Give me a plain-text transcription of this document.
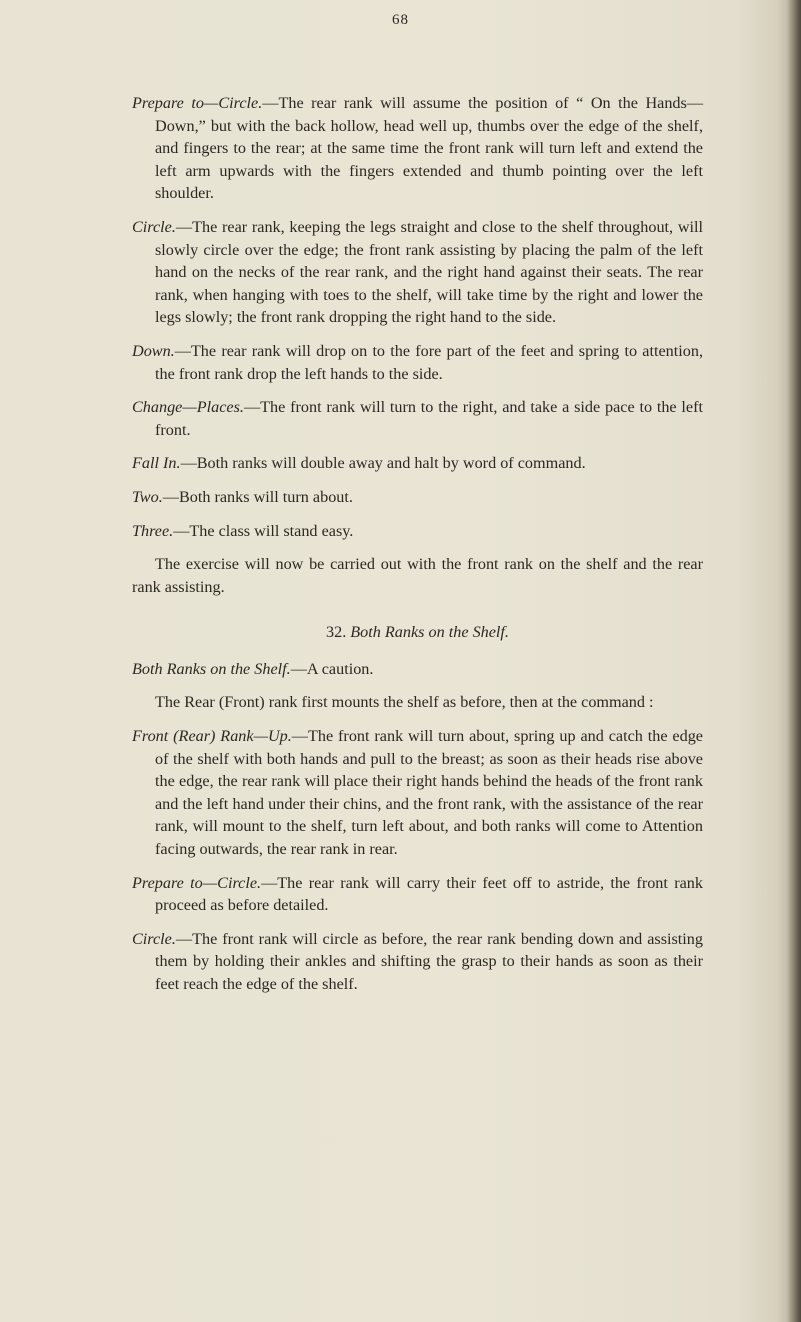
68

Prepare to—Circle.—The rear rank will assume the position of “ On the Hands—Down,” but with the back hollow, head well up, thumbs over the edge of the shelf, and fingers to the rear; at the same time the front rank will turn left and extend the left arm upwards with the fingers extended and thumb pointing over the left shoulder.

Circle.—The rear rank, keeping the legs straight and close to the shelf throughout, will slowly circle over the edge; the front rank assisting by placing the palm of the left hand on the necks of the rear rank, and the right hand against their seats. The rear rank, when hanging with toes to the shelf, will take time by the right and lower the legs slowly; the front rank dropping the right hand to the side.

Down.—The rear rank will drop on to the fore part of the feet and spring to attention, the front rank drop the left hands to the side.

Change—Places.—The front rank will turn to the right, and take a side pace to the left front.

Fall In.—Both ranks will double away and halt by word of command.

Two.—Both ranks will turn about.

Three.—The class will stand easy.

The exercise will now be carried out with the front rank on the shelf and the rear rank assisting.

32. Both Ranks on the Shelf.

Both Ranks on the Shelf.—A caution.

The Rear (Front) rank first mounts the shelf as before, then at the command :

Front (Rear) Rank—Up.—The front rank will turn about, spring up and catch the edge of the shelf with both hands and pull to the breast; as soon as their heads rise above the edge, the rear rank will place their right hands behind the heads of the front rank and the left hand under their chins, and the front rank, with the assistance of the rear rank, will mount to the shelf, turn left about, and both ranks will come to Attention facing outwards, the rear rank in rear.

Prepare to—Circle.—The rear rank will carry their feet off to astride, the front rank proceed as before detailed.

Circle.—The front rank will circle as before, the rear rank bending down and assisting them by holding their ankles and shifting the grasp to their hands as soon as their feet reach the edge of the shelf.
